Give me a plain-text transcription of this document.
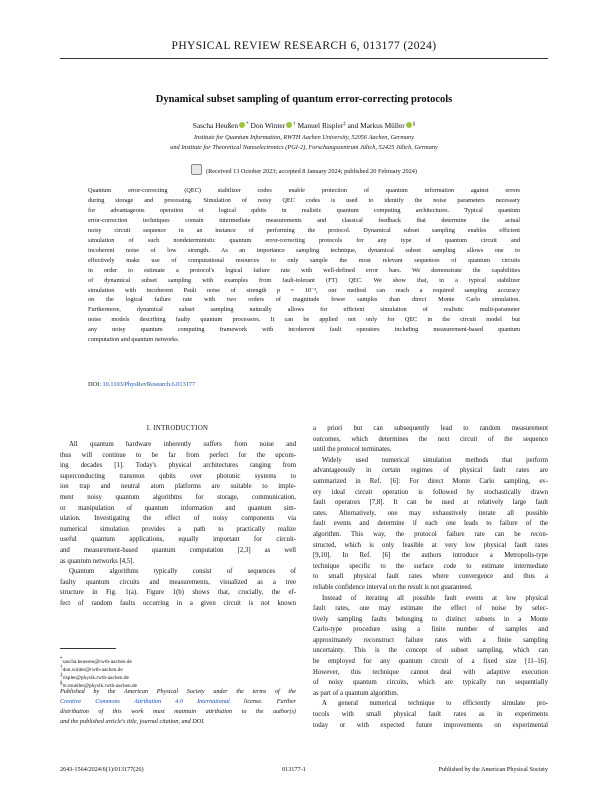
PHYSICAL REVIEW RESEARCH 6, 013177 (2024)
Dynamical subset sampling of quantum error-correcting protocols
Sascha Heußen * Don Winter † Manuel Rispler‡ and Markus Müller §
Institute for Quantum Information, RWTH Aachen University, 52056 Aachen, Germany
and Institute for Theoretical Nanoelectronics (PGI-2), Forschungszentrum Jülich, 52425 Jülich, Germany
(Received 13 October 2023; accepted 8 January 2024; published 20 February 2024)
Quantum error-correcting (QEC) stabilizer codes enable protection of quantum information against errors
during storage and processing. Simulation of noisy QEC codes is used to identify the noise parameters necessary
for advantageous operation of logical qubits in realistic quantum computing architectures. Typical quantum
error-correction techniques contain intermediate measurements and classical feedback that determine the actual
noisy circuit sequence in an instance of performing the protocol. Dynamical subset sampling enables efficient
simulation of such nondeterministic quantum error-correcting protocols for any type of quantum circuit and
incoherent noise of low strength. As an importance sampling technique, dynamical subset sampling allows one to
effectively make use of computational resources to only sample the most relevant sequences of quantum circuits
in order to estimate a protocol's logical failure rate with well-defined error bars. We demonstrate the capabilities
of dynamical subset sampling with examples from fault-tolerant (FT) QEC. We show that, in a typical stabilizer
simulation with incoherent Pauli noise of strength p = 10⁻³, our method can reach a required sampling accuracy
on the logical failure rate with two orders of magnitude fewer samples than direct Monte Carlo simulation.
Furthermore, dynamical subset sampling naturally allows for efficient simulation of realistic multi-parameter
noise models describing faulty quantum processors. It can be applied not only for QEC in the circuit model but
any noisy quantum computing framework with incoherent fault operators including measurement-based quantum
computation and quantum networks.
DOI: 10.1103/PhysRevResearch.6.013177
I. INTRODUCTION
All quantum hardware inherently suffers from noise and
thus will continue to be far from perfect for the upcom-
ing decades [1]. Today's physical architectures ranging from
superconducting transmon qubits over photonic systems to
ion trap and neutral atom platforms are suitable to imple-
ment noisy quantum algorithms for storage, communication,
or manipulation of quantum information and quantum sim-
ulation. Investigating the effect of noisy components via
numerical simulation provides a path to practically realize
useful quantum applications, equally important for circuit-
and measurement-based quantum computation [2,3] as well
as quantum networks [4,5].
Quantum algorithms typically consist of sequences of
faulty quantum circuits and measurements, visualized as a tree
structure in Fig. 1(a). Figure 1(b) shows that, crucially, the ef-
fect of random faults occurring in a given circuit is not known
a priori but can subsequently lead to random measurement
outcomes, which determines the next circuit of the sequence
until the protocol terminates.
Widely used numerical simulation methods that perform
advantageously in certain regimes of physical fault rates are
summarized in Ref. [6]: For direct Monte Carlo sampling, ev-
ery ideal circuit operation is followed by stochastically drawn
fault operators [7,8]. It can be used at relatively large fault
rates. Alternatively, one may exhaustively iterate all possible
fault events and determine if each one leads to failure of the
algorithm. This way, the protocol failure rate can be recon-
structed, which is only feasible at very low physical fault rates
[9,10]. In Ref. [6] the authors introduce a Metropolis-type
technique specific to the surface code to estimate intermediate
to small physical fault rates where convergence and thus a
reliable confidence interval on the result is not guaranteed.
Instead of iterating all possible fault events at low physical
fault rates, one may estimate the effect of noise by selec-
tively sampling faults belonging to distinct subsets in a Monte
Carlo-type procedure using a finite number of samples and
approximately reconstruct failure rates with a finite sampling
uncertainty. This is the concept of subset sampling, which can
be employed for any quantum circuit of a fixed size [11–16].
However, this technique cannot deal with adaptive execution
of noisy quantum circuits, which are typically run sequentially
as part of a quantum algorithm.
A general numerical technique to efficiently simulate pro-
tocols with small physical fault rates as in experiments
today or with expected future improvements on experimental
*sascha.heussen@rwth-aachen.de
†don.winter@rwth-aachen.de
‡rispler@physik.rwth-aachen.de
§m.mueller@physik.rwth-aachen.de
Published by the American Physical Society under the terms of the
Creative Commons Attribution 4.0 International license. Further
distribution of this work must maintain attribution to the author(s)
and the published article's title, journal citation, and DOI.
2643-1564/2024/6(1)/013177(26)	013177-1	Published by the American Physical Society
